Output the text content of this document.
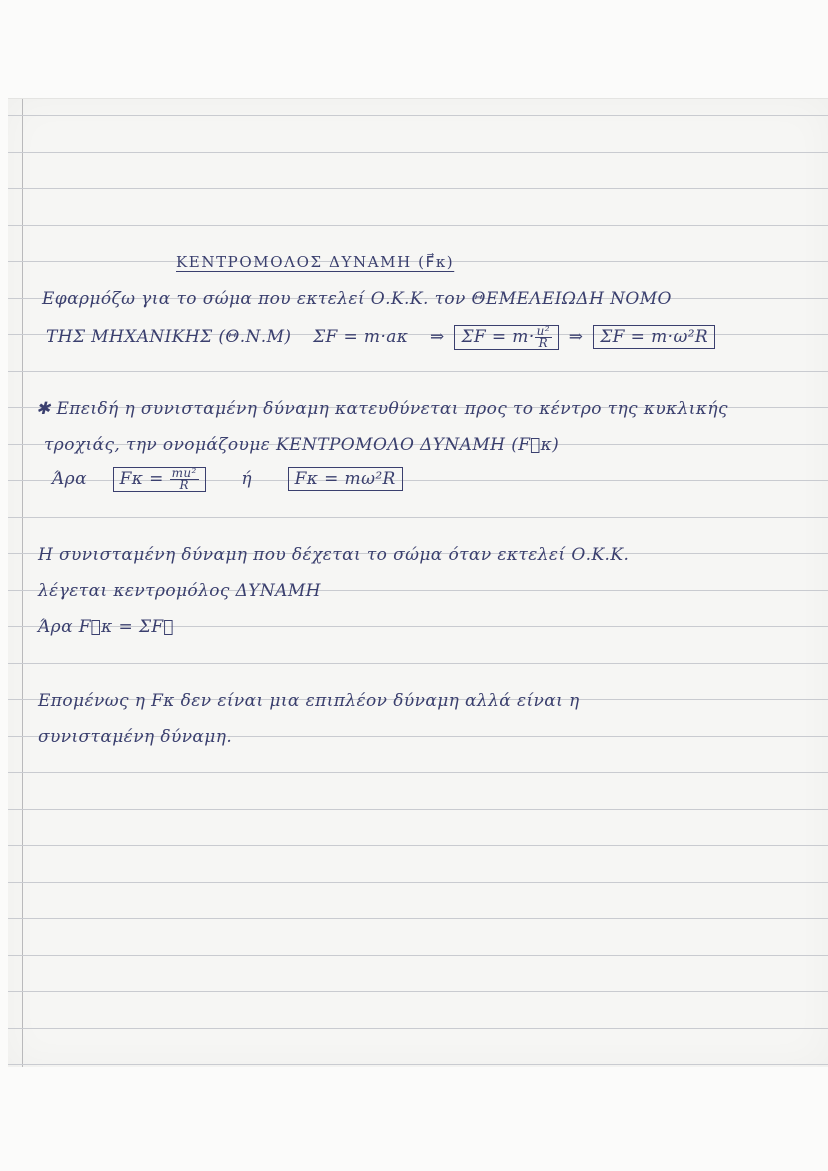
ΚΕΝΤΡΟΜΟΛΟΣ ΔΥΝΑΜΗ (F⃗κ)
Εφαρμόζω για το σώμα που εκτελεί Ο.Κ.Κ. τον ΘΕΜΕΛΕΙΩΔΗ ΝΟΜΟ
ΤΗΣ ΜΗΧΑΝΙΚΗΣ (Θ.Ν.Μ) ΣF = m·aκ ⇒ $\Sigma F = m\cdot \frac{\text{u²}}{R}$ ⇒ ΣF = m·ω²R
✱ Επειδή η συνισταμένη δύναμη κατευθύνεται προς το κέντρο της κυκλικής
τροχιάς, την ονομάζουμε ΚΕΝΤΡΟΜΟΛΟ ΔΥΝΑΜΗ (F⃗κ)
Άρα $F\kappa = \frac{\text{mu²}}{R}$	ή	Fκ = mω²R
Η συνισταμένη δύναμη που δέχεται το σώμα όταν εκτελεί Ο.Κ.Κ.
λέγεται κεντρομόλος ΔΥΝΑΜΗ
Άρα F⃗κ = ΣF⃗
Επομένως η Fκ δεν είναι μια επιπλέον δύναμη αλλά είναι η
συνισταμένη δύναμη.
